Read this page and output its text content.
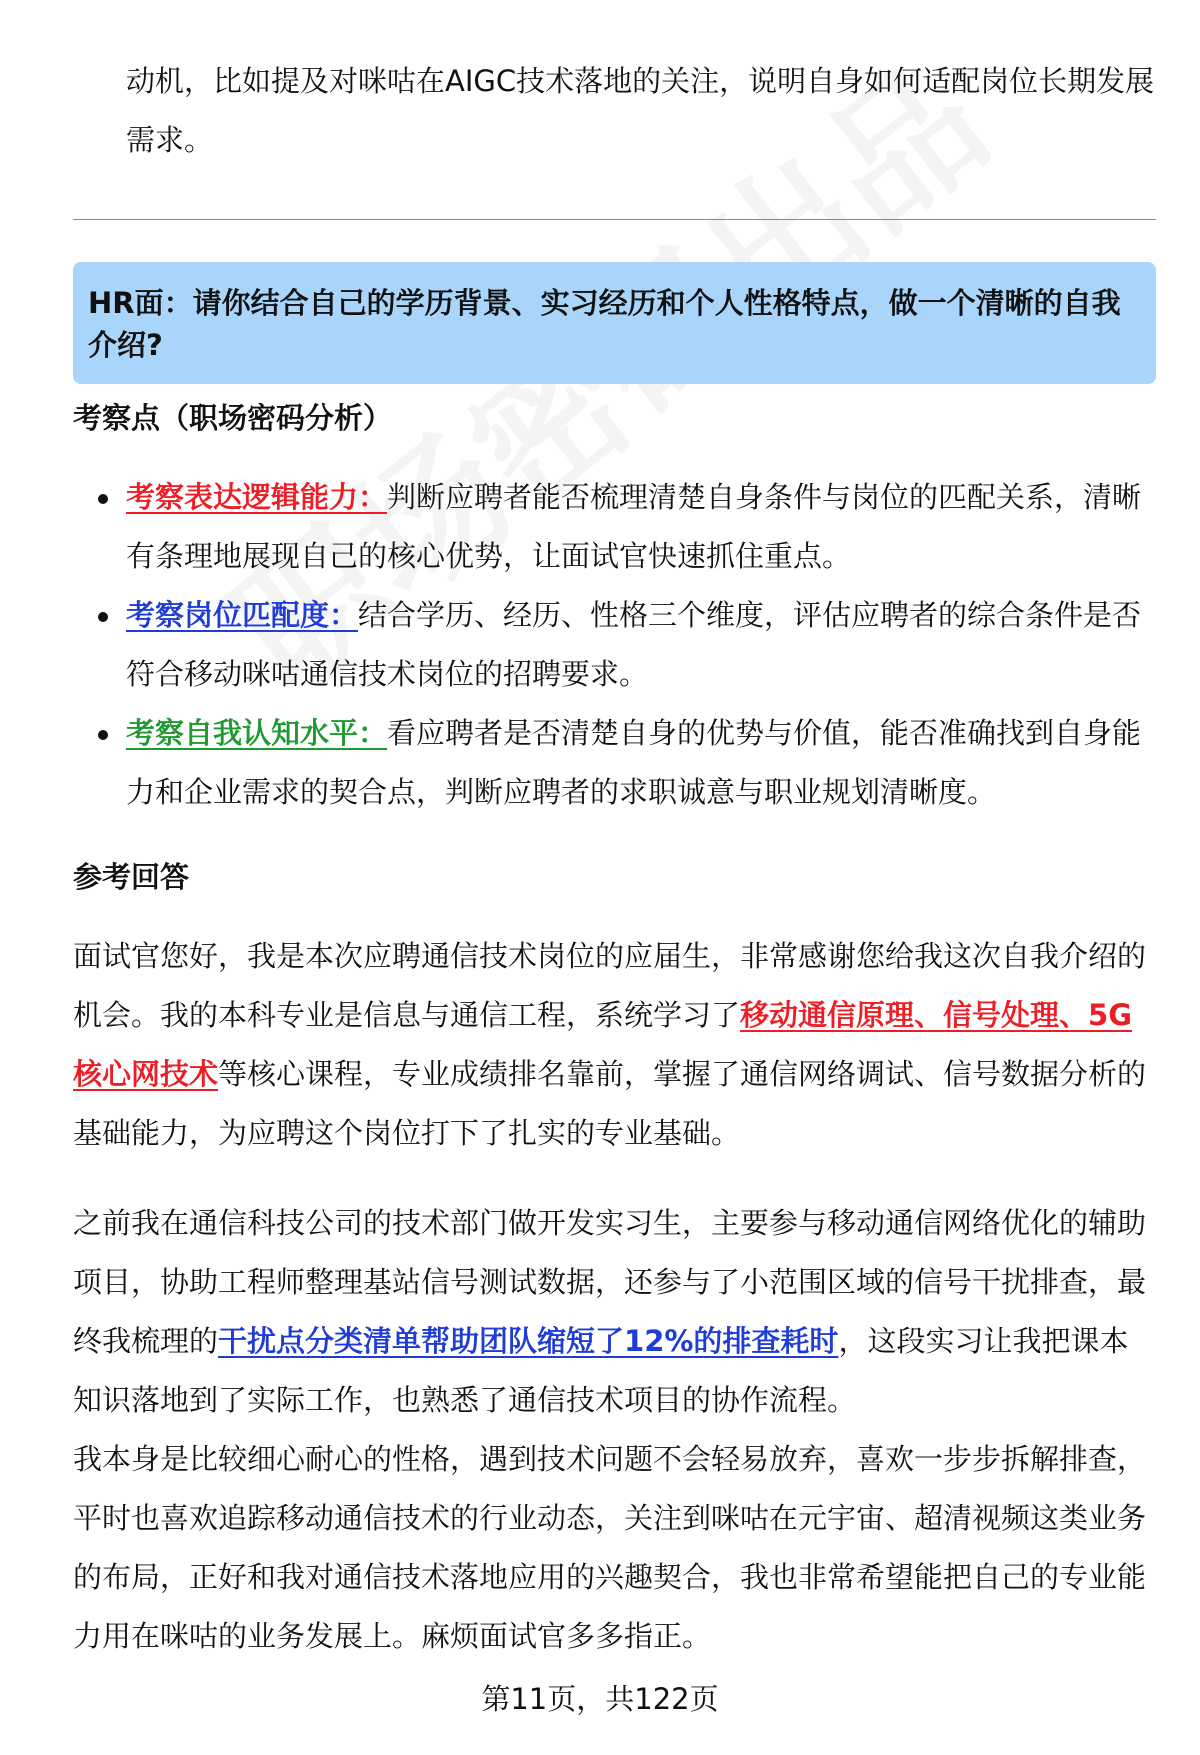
动机，比如提及对咪咕在AIGC技术落地的关注，说明自身如何适配岗位长期发展需求。
HR面：请你结合自己的学历背景、实习经历和个人性格特点，做一个清晰的自我介绍?
考察点（职场密码分析）
考察表达逻辑能力：判断应聘者能否梳理清楚自身条件与岗位的匹配关系，清晰有条理地展现自己的核心优势，让面试官快速抓住重点。
考察岗位匹配度：结合学历、经历、性格三个维度，评估应聘者的综合条件是否符合移动咪咕通信技术岗位的招聘要求。
考察自我认知水平：看应聘者是否清楚自身的优势与价值，能否准确找到自身能力和企业需求的契合点，判断应聘者的求职诚意与职业规划清晰度。
参考回答
面试官您好，我是本次应聘通信技术岗位的应届生，非常感谢您给我这次自我介绍的机会。我的本科专业是信息与通信工程，系统学习了移动通信原理、信号处理、5G核心网技术等核心课程，专业成绩排名靠前，掌握了通信网络调试、信号数据分析的基础能力，为应聘这个岗位打下了扎实的专业基础。
之前我在通信科技公司的技术部门做开发实习生，主要参与移动通信网络优化的辅助项目，协助工程师整理基站信号测试数据，还参与了小范围区域的信号干扰排查，最终我梳理的干扰点分类清单帮助团队缩短了12%的排查耗时，这段实习让我把课本知识落地到了实际工作，也熟悉了通信技术项目的协作流程。
我本身是比较细心耐心的性格，遇到技术问题不会轻易放弃，喜欢一步步拆解排查，平时也喜欢追踪移动通信技术的行业动态，关注到咪咕在元宇宙、超清视频这类业务的布局，正好和我对通信技术落地应用的兴趣契合，我也非常希望能把自己的专业能力用在咪咕的业务发展上。麻烦面试官多多指正。
第11页，共122页
